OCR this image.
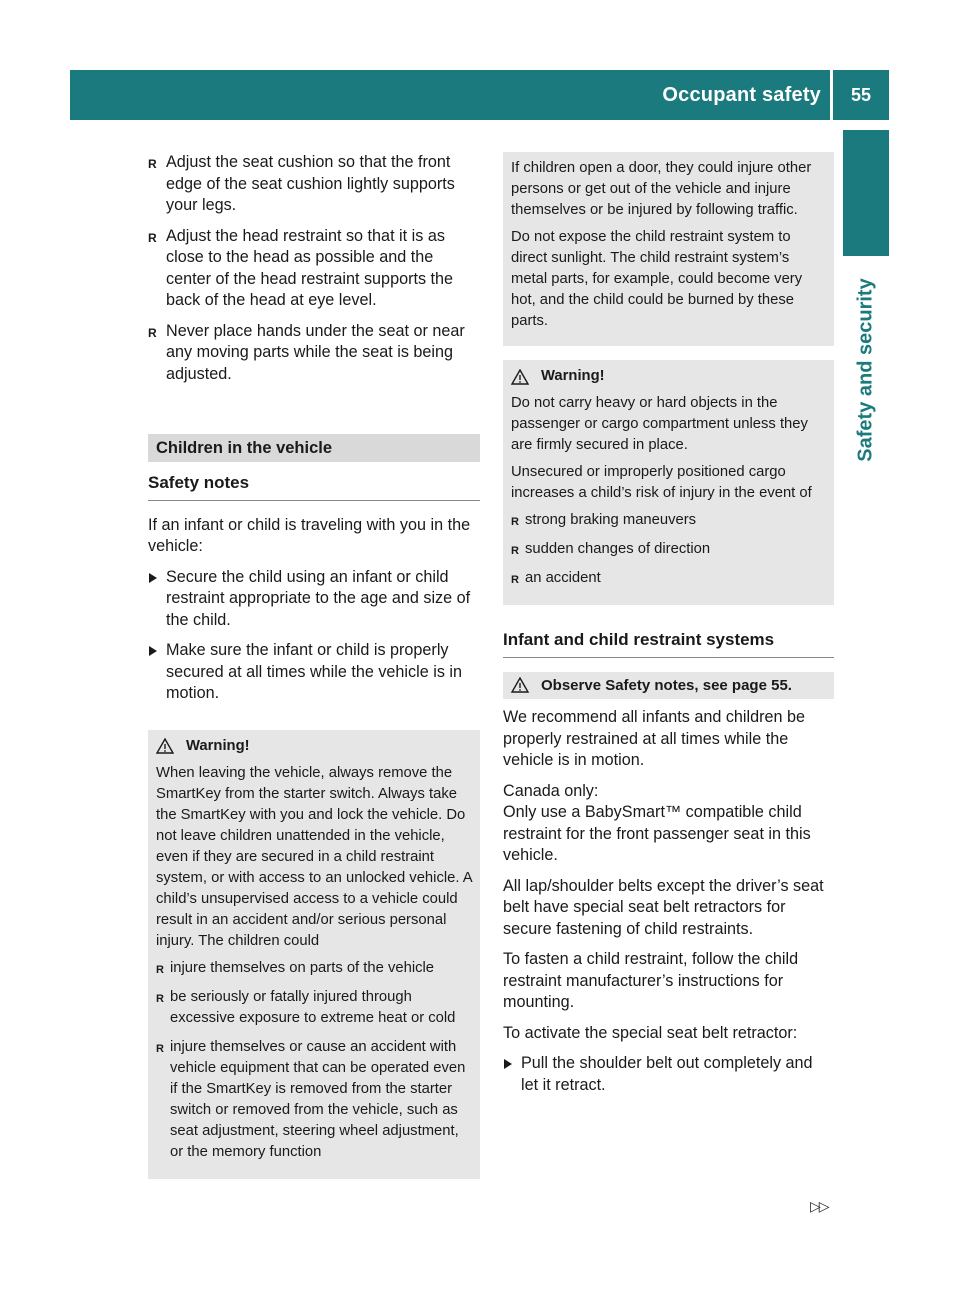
Occupant safety 55
Safety and security
R Adjust the seat cushion so that the front edge of the seat cushion lightly supports your legs.
R Adjust the head restraint so that it is as close to the head as possible and the center of the head restraint supports the back of the head at eye level.
R Never place hands under the seat or near any moving parts while the seat is being adjusted.
Children in the vehicle
Safety notes

If an infant or child is traveling with you in the vehicle:

Secure the child using an infant or child restraint appropriate to the age and size of the child.
Make sure the infant or child is properly secured at all times while the vehicle is in motion.
Warning!

When leaving the vehicle, always remove the SmartKey from the starter switch. Always take the SmartKey with you and lock the vehicle. Do not leave children unattended in the vehicle, even if they are secured in a child restraint system, or with access to an unlocked vehicle. A child’s unsupervised access to a vehicle could result in an accident and/or serious personal injury. The children could

R injure themselves on parts of the vehicle
R be seriously or fatally injured through excessive exposure to extreme heat or cold
R injure themselves or cause an accident with vehicle equipment that can be operated even if the SmartKey is removed from the starter switch or removed from the vehicle, such as seat adjustment, steering wheel adjustment, or the memory function

If children open a door, they could injure other persons or get out of the vehicle and injure themselves or be injured by following traffic.

Do not expose the child restraint system to direct sunlight. The child restraint system’s metal parts, for example, could become very hot, and the child could be burned by these parts.

Warning!

Do not carry heavy or hard objects in the passenger or cargo compartment unless they are firmly secured in place.

Unsecured or improperly positioned cargo increases a child’s risk of injury in the event of

R strong braking maneuvers
R sudden changes of direction
R an accident
Infant and child restraint systems
Observe Safety notes, see page 55.

We recommend all infants and children be properly restrained at all times while the vehicle is in motion.

Canada only:

Only use a BabySmart™ compatible child restraint for the front passenger seat in this vehicle.

All lap/shoulder belts except the driver’s seat belt have special seat belt retractors for secure fastening of child restraints.

To fasten a child restraint, follow the child restraint manufacturer’s instructions for mounting.

To activate the special seat belt retractor:

Pull the shoulder belt out completely and let it retract.
▷▷
